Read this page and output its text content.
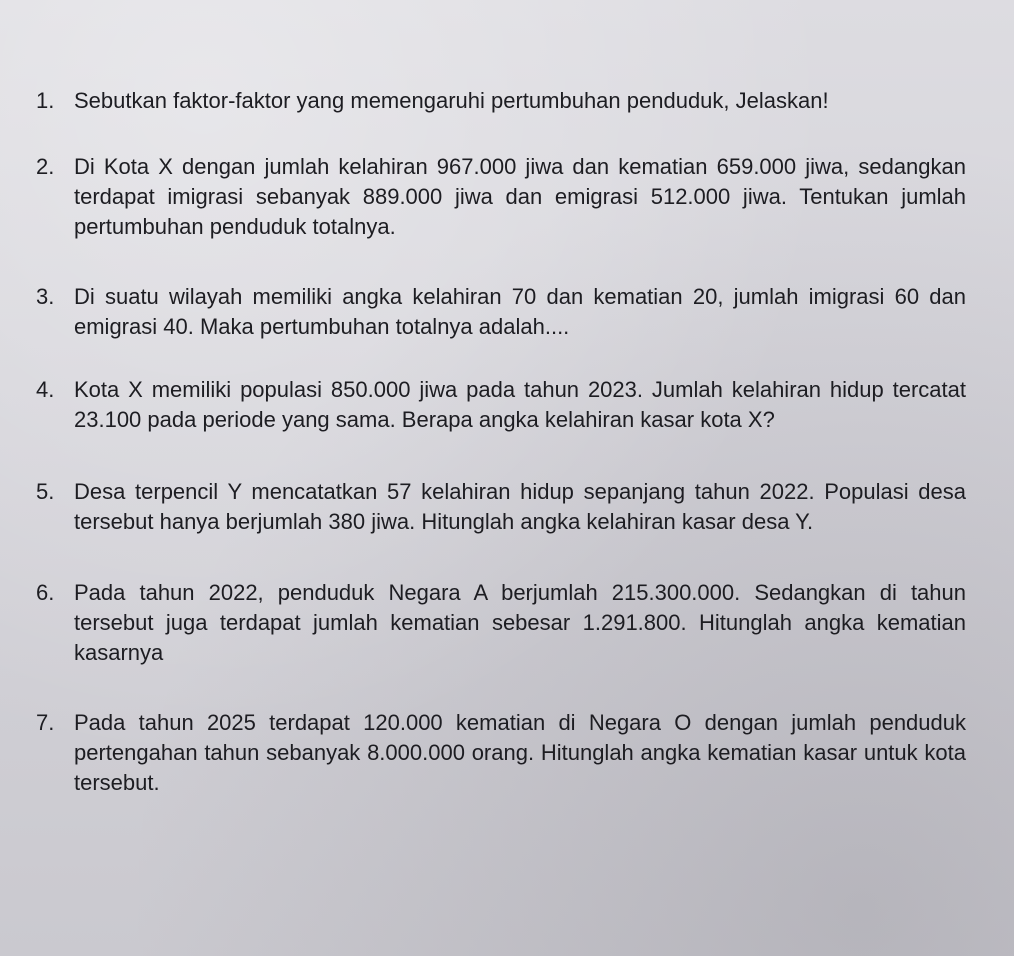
1. Sebutkan faktor-faktor yang memengaruhi pertumbuhan penduduk, Jelaskan!
2. Di Kota X dengan jumlah kelahiran 967.000 jiwa dan kematian 659.000 jiwa, sedangkan terdapat imigrasi sebanyak 889.000 jiwa dan emigrasi 512.000 jiwa. Tentukan jumlah pertumbuhan penduduk totalnya.
3. Di suatu wilayah memiliki angka kelahiran 70 dan kematian 20, jumlah imigrasi 60 dan emigrasi 40. Maka pertumbuhan totalnya adalah....
4. Kota X memiliki populasi 850.000 jiwa pada tahun 2023. Jumlah kelahiran hidup tercatat 23.100 pada periode yang sama. Berapa angka kelahiran kasar kota X?
5. Desa terpencil Y mencatatkan 57 kelahiran hidup sepanjang tahun 2022. Populasi desa tersebut hanya berjumlah 380 jiwa. Hitunglah angka kelahiran kasar desa Y.
6. Pada tahun 2022, penduduk Negara A berjumlah 215.300.000. Sedangkan di tahun tersebut juga terdapat jumlah kematian sebesar 1.291.800. Hitunglah angka kematian kasarnya
7. Pada tahun 2025 terdapat 120.000 kematian di Negara O dengan jumlah penduduk pertengahan tahun sebanyak 8.000.000 orang. Hitunglah angka kematian kasar untuk kota tersebut.
